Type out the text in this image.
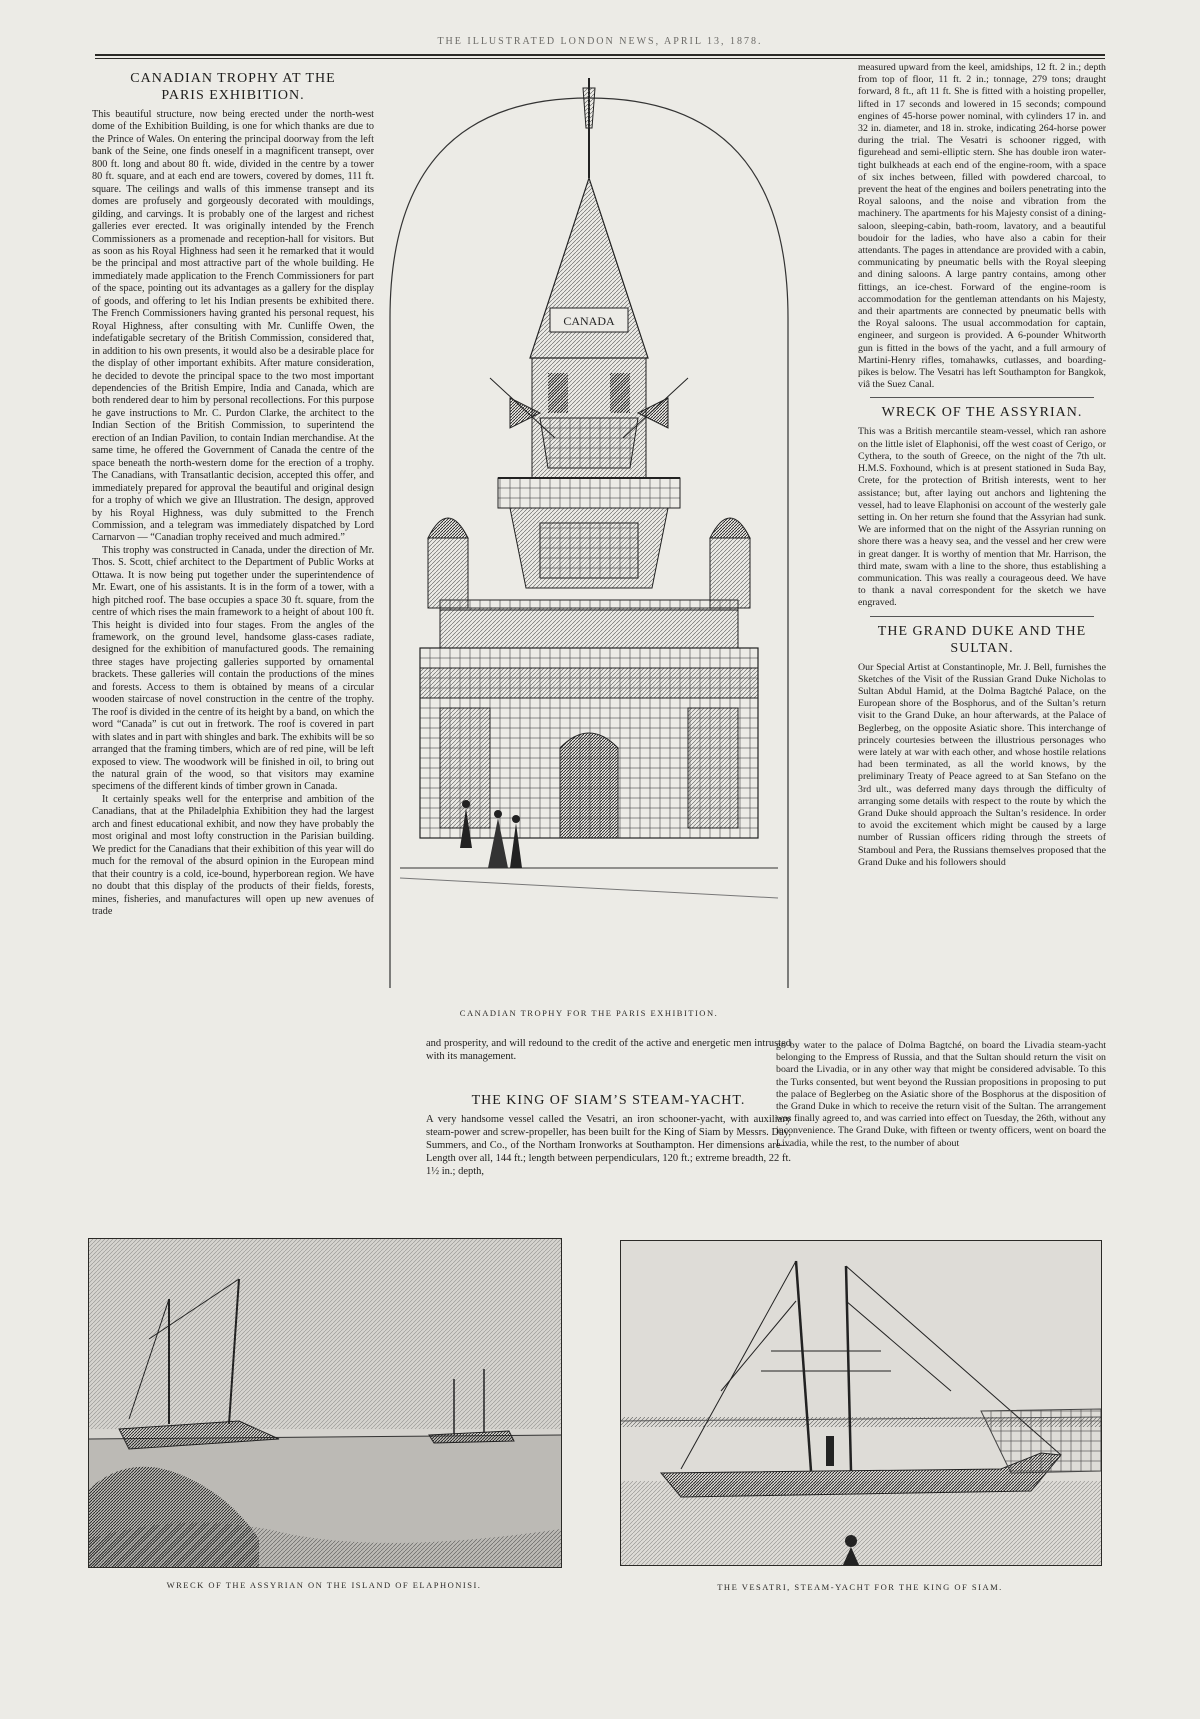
THE ILLUSTRATED LONDON NEWS, APRIL 13, 1878.
CANADIAN TROPHY AT THE
PARIS EXHIBITION.

This beautiful structure, now being erected under the north-west dome of the Exhibition Building, is one for which thanks are due to the Prince of Wales. On entering the principal doorway from the left bank of the Seine, one finds oneself in a magnificent transept, over 800 ft. long and about 80 ft. wide, divided in the centre by a tower 80 ft. square, and at each end are towers, covered by domes, 111 ft. square. The ceilings and walls of this immense transept and its domes are profusely and gorgeously decorated with mouldings, gilding, and carvings. It is probably one of the largest and richest galleries ever erected. It was originally intended by the French Commissioners as a promenade and reception-hall for visitors. But as soon as his Royal Highness had seen it he remarked that it would be the principal and most attractive part of the whole building. He immediately made application to the French Commissioners for part of the space, pointing out its advantages as a gallery for the display of goods, and offering to let his Indian presents be exhibited there. The French Commissioners having granted his personal request, his Royal Highness, after consulting with Mr. Cunliffe Owen, the indefatigable secretary of the British Commission, considered that, in addition to his own presents, it would also be a desirable place for the display of other important exhibits. After mature consideration, he decided to devote the principal space to the two most important dependencies of the British Empire, India and Canada, which are both rendered dear to him by personal recollections. For this purpose he gave instructions to Mr. C. Purdon Clarke, the architect to the Indian Section of the British Commission, to superintend the erection of an Indian Pavilion, to contain Indian merchandise. At the same time, he offered the Government of Canada the centre of the space beneath the north-western dome for the erection of a trophy. The Canadians, with Transatlantic decision, accepted this offer, and immediately prepared for approval the beautiful and original design for a trophy of which we give an Illustration. The design, approved by his Royal Highness, was duly submitted to the French Commission, and a telegram was immediately dispatched by Lord Carnarvon — “Canadian trophy received and much admired.”

This trophy was constructed in Canada, under the direction of Mr. Thos. S. Scott, chief architect to the Department of Public Works at Ottawa. It is now being put together under the superintendence of Mr. Ewart, one of his assistants. It is in the form of a tower, with a high pitched roof. The base occupies a space 30 ft. square, from the centre of which rises the main framework to a height of about 100 ft. This height is divided into four stages. From the angles of the framework, on the ground level, handsome glass-cases radiate, designed for the exhibition of manufactured goods. The remaining three stages have projecting galleries supported by ornamental brackets. These galleries will contain the productions of the mines and forests. Access to them is obtained by means of a circular wooden staircase of novel construction in the centre of the trophy. The roof is divided in the centre of its height by a band, on which the word “Canada” is cut out in fretwork. The roof is covered in part with slates and in part with shingles and bark. The exhibits will be so arranged that the framing timbers, which are of red pine, will be left exposed to view. The woodwork will be finished in oil, to bring out the natural grain of the wood, so that visitors may examine specimens of the different kinds of timber grown in Canada.

It certainly speaks well for the enterprise and ambition of the Canadians, that at the Philadelphia Exhibition they had the largest arch and finest educational exhibit, and now they have probably the most original and most lofty construction in the Parisian building. We predict for the Canadians that their exhibition of this year will do much for the removal of the absurd opinion in the European mind that their country is a cold, ice-bound, hyperborean region. We have no doubt that this display of the products of their fields, forests, mines, fisheries, and manufactures will open up new avenues of trade

CANADA
CANADIAN TROPHY FOR THE PARIS EXHIBITION.

and prosperity, and will redound to the credit of the active and energetic men intrusted with its management.

THE KING OF SIAM’S STEAM-YACHT.

A very handsome vessel called the Vesatri, an iron schooner-yacht, with auxiliary steam-power and screw-propeller, has been built for the King of Siam by Messrs. Day, Summers, and Co., of the Northam Ironworks at Southampton. Her dimensions are—Length over all, 144 ft.; length between perpendiculars, 120 ft.; extreme breadth, 22 ft. 1½ in.; depth,

measured upward from the keel, amidships, 12 ft. 2 in.; depth from top of floor, 11 ft. 2 in.; tonnage, 279 tons; draught forward, 8 ft., aft 11 ft. She is fitted with a hoisting propeller, lifted in 17 seconds and lowered in 15 seconds; compound engines of 45-horse power nominal, with cylinders 17 in. and 32 in. diameter, and 18 in. stroke, indicating 264-horse power during the trial. The Vesatri is schooner rigged, with figurehead and semi-elliptic stern. She has double iron water-tight bulkheads at each end of the engine-room, with a space of six inches between, filled with powdered charcoal, to prevent the heat of the engines and boilers penetrating into the Royal saloons, and the noise and vibration from the machinery. The apartments for his Majesty consist of a dining-saloon, sleeping-cabin, bath-room, lavatory, and a beautiful boudoir for the ladies, who have also a cabin for their attendants. The pages in attendance are provided with a cabin, communicating by pneumatic bells with the Royal sleeping and dining saloons. A large pantry contains, among other fittings, an ice-chest. Forward of the engine-room is accommodation for the gentleman attendants on his Majesty, and their apartments are connected by pneumatic bells with the Royal saloons. The usual accommodation for captain, engineer, and surgeon is provided. A 6-pounder Whitworth gun is fitted in the bows of the yacht, and a full armoury of Martini-Henry rifles, tomahawks, cutlasses, and boarding-pikes is below. The Vesatri has left Southampton for Bangkok, viâ the Suez Canal.

WRECK OF THE ASSYRIAN.

This was a British mercantile steam-vessel, which ran ashore on the little islet of Elaphonisi, off the west coast of Cerigo, or Cythera, to the south of Greece, on the night of the 7th ult. H.M.S. Foxhound, which is at present stationed in Suda Bay, Crete, for the protection of British interests, went to her assistance; but, after laying out anchors and lightening the vessel, had to leave Elaphonisi on account of the westerly gale setting in. On her return she found that the Assyrian had sunk. We are informed that on the night of the Assyrian running on shore there was a heavy sea, and the vessel and her crew were in great danger. It is worthy of mention that Mr. Harrison, the third mate, swam with a line to the shore, thus establishing a communication. This was really a courageous deed. We have to thank a naval correspondent for the sketch we have engraved.

THE GRAND DUKE AND THE
SULTAN.

Our Special Artist at Constantinople, Mr. J. Bell, furnishes the Sketches of the Visit of the Russian Grand Duke Nicholas to Sultan Abdul Hamid, at the Dolma Bagtché Palace, on the European shore of the Bosphorus, and of the Sultan’s return visit to the Grand Duke, an hour afterwards, at the Palace of Beglerbeg, on the opposite Asiatic shore. This interchange of princely courtesies between the illustrious personages who were lately at war with each other, and whose hostile relations had been terminated, as all the world knows, by the preliminary Treaty of Peace agreed to at San Stefano on the 3rd ult., was deferred many days through the difficulty of arranging some details with respect to the route by which the Grand Duke should approach the Sultan’s residence. In order to avoid the excitement which might be caused by a large number of Russian officers riding through the streets of Stamboul and Pera, the Russians themselves proposed that the Grand Duke and his followers should

go by water to the palace of Dolma Bagtché, on board the Livadia steam-yacht belonging to the Empress of Russia, and that the Sultan should return the visit on board the Livadia, or in any other way that might be considered advisable. To this the Turks consented, but went beyond the Russian propositions in proposing to put the palace of Beglerbeg on the Asiatic shore of the Bosphorus at the disposition of the Grand Duke in which to receive the return visit of the Sultan. The arrangement was finally agreed to, and was carried into effect on Tuesday, the 26th, without any inconvenience. The Grand Duke, with fifteen or twenty officers, went on board the Livadia, while the rest, to the number of about

WRECK OF THE ASSYRIAN ON THE ISLAND OF ELAPHONISI.	THE VESATRI, STEAM-YACHT FOR THE KING OF SIAM.
